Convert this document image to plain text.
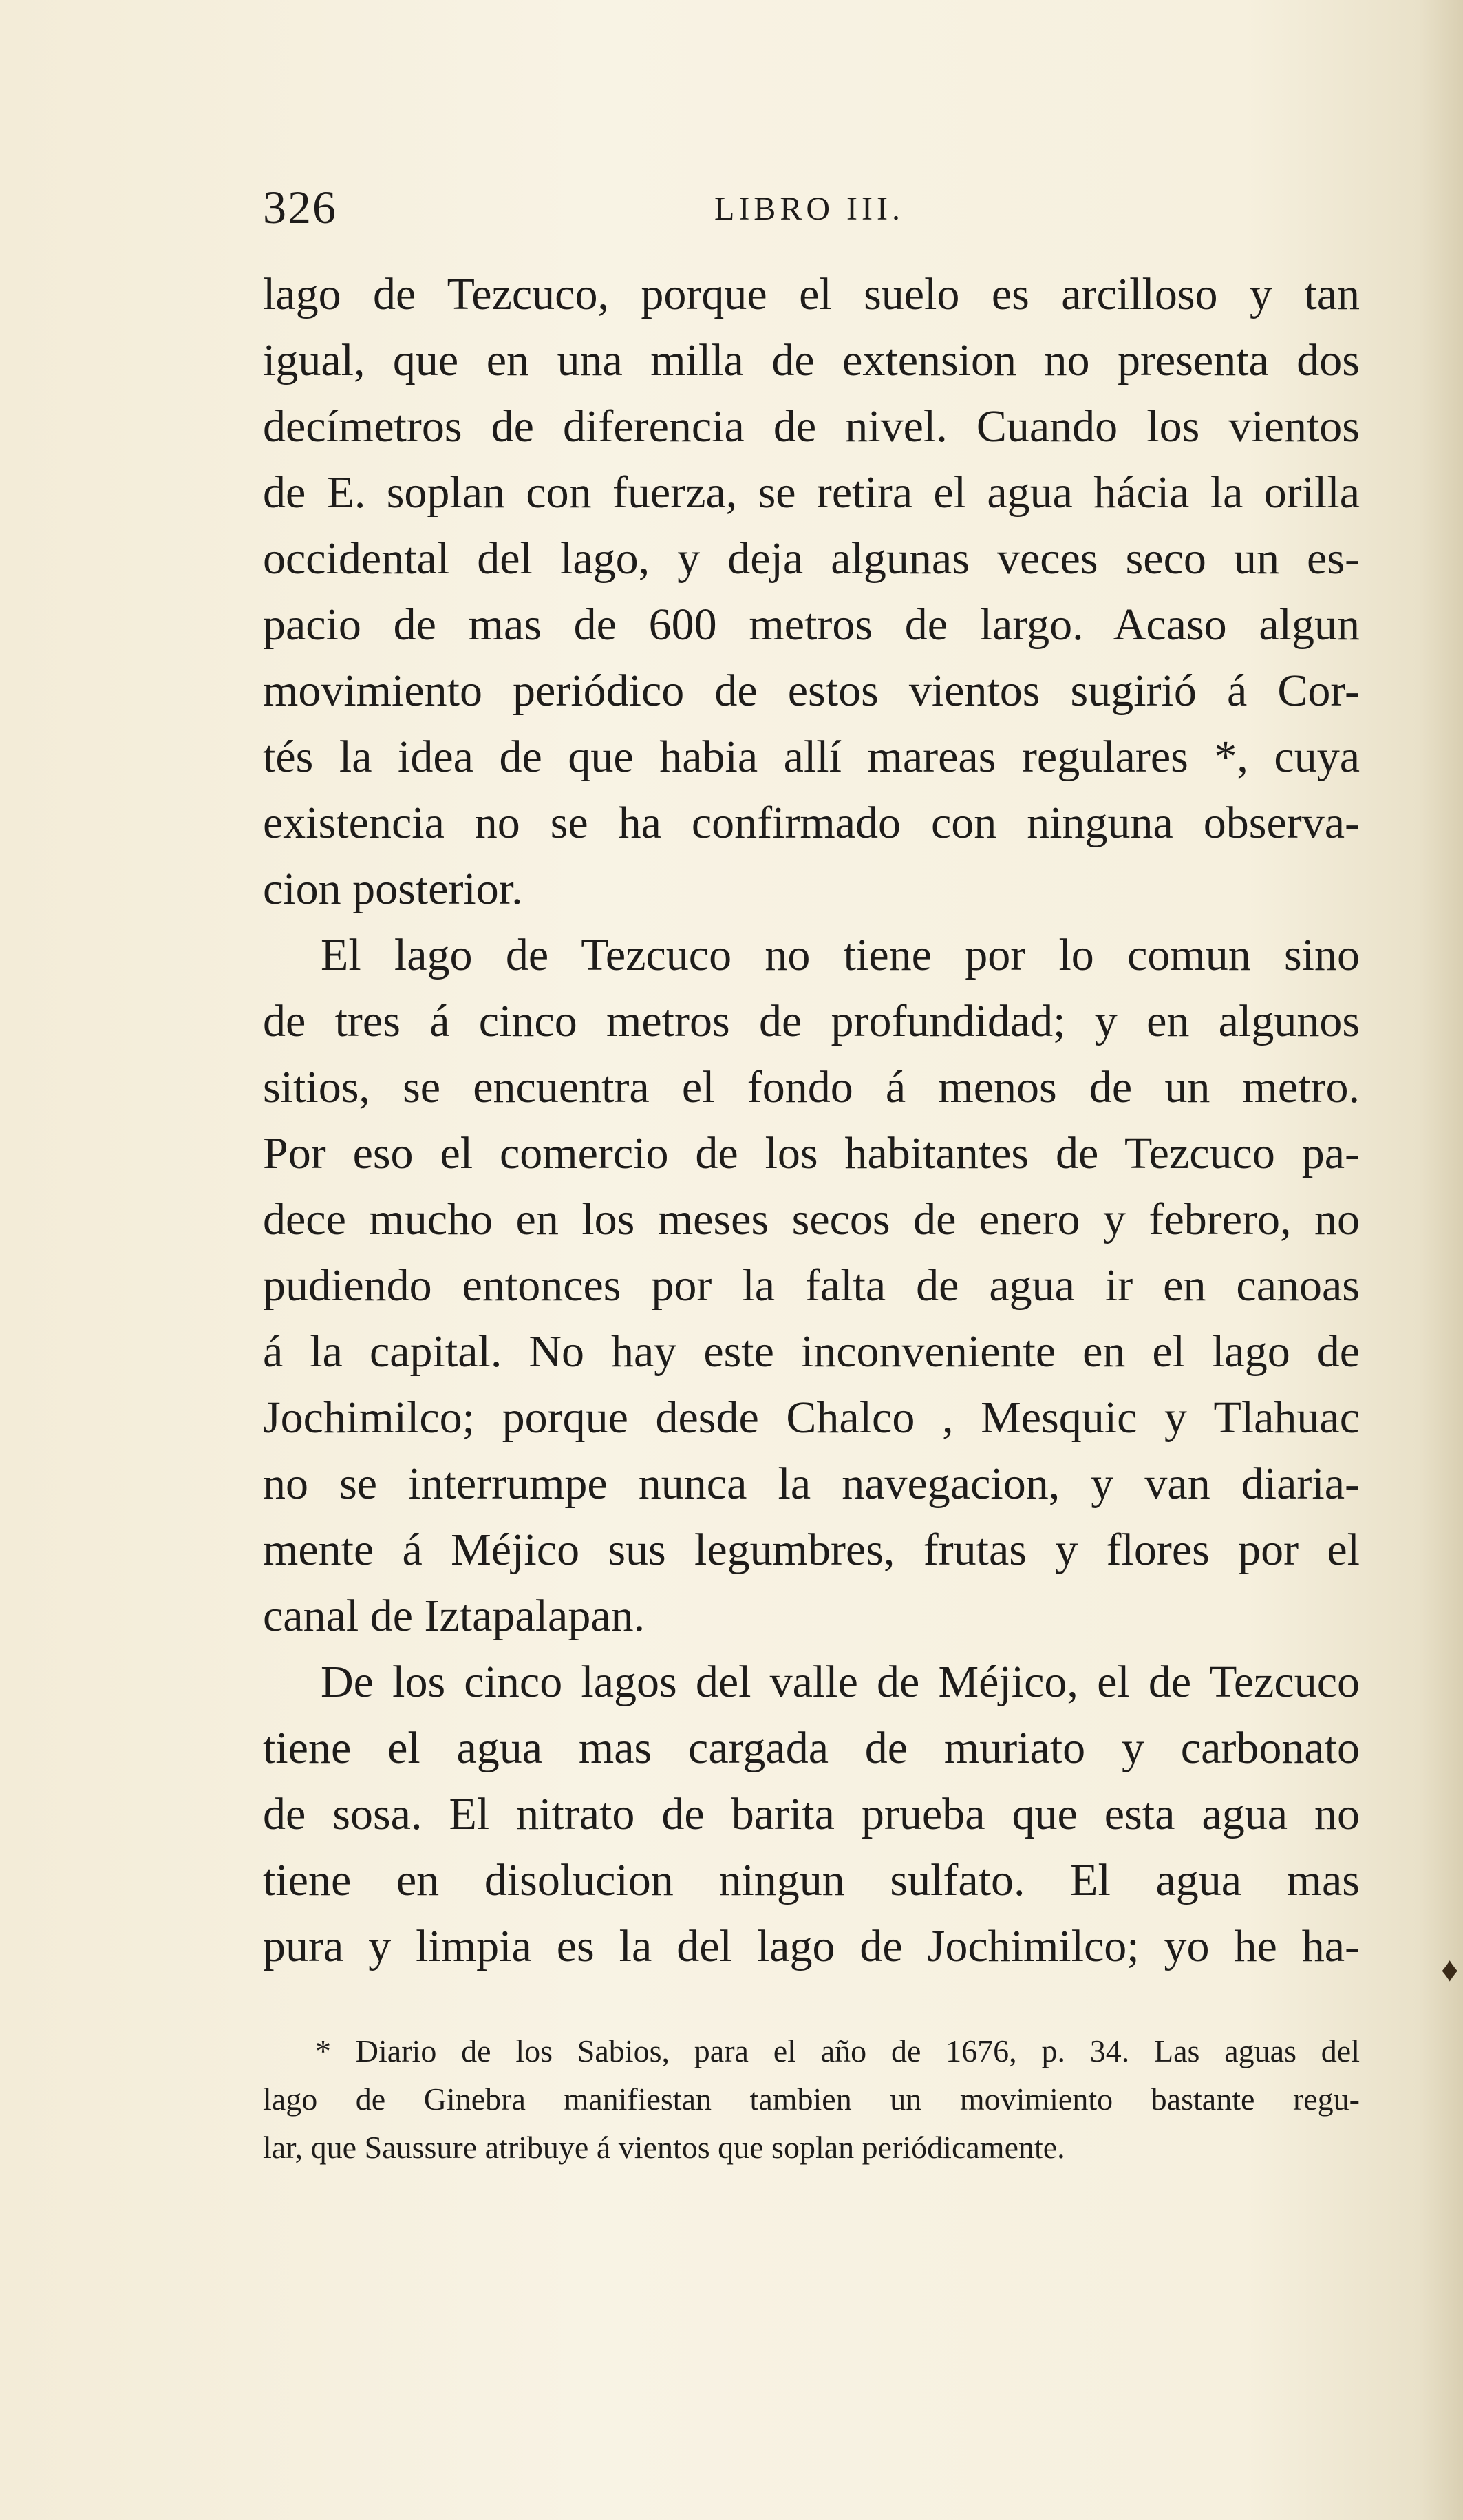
326	LIBRO III.
lago de Tezcuco, porque el suelo es arcilloso y tan
igual, que en una milla de extension no presenta dos
decímetros de diferencia de nivel. Cuando los vientos
de E. soplan con fuerza, se retira el agua hácia la orilla
occidental del lago, y deja algunas veces seco un es-
pacio de mas de 600 metros de largo. Acaso algun
movimiento periódico de estos vientos sugirió á Cor-
tés la idea de que habia allí mareas regulares *, cuya
existencia no se ha confirmado con ninguna observa-
cion posterior.
El lago de Tezcuco no tiene por lo comun sino
de tres á cinco metros de profundidad; y en algunos
sitios, se encuentra el fondo á menos de un metro.
Por eso el comercio de los habitantes de Tezcuco pa-
dece mucho en los meses secos de enero y febrero, no
pudiendo entonces por la falta de agua ir en canoas
á la capital. No hay este inconveniente en el lago de
Jochimilco; porque desde Chalco , Mesquic y Tlahuac
no se interrumpe nunca la navegacion, y van diaria-
mente á Méjico sus legumbres, frutas y flores por el
canal de Iztapalapan.
De los cinco lagos del valle de Méjico, el de Tezcuco
tiene el agua mas cargada de muriato y carbonato
de sosa. El nitrato de barita prueba que esta agua no
tiene en disolucion ningun sulfato. El agua mas
pura y limpia es la del lago de Jochimilco; yo he ha- ♦
* Diario de los Sabios, para el año de 1676, p. 34. Las aguas del
lago de Ginebra manifiestan tambien un movimiento bastante regu-
lar, que Saussure atribuye á vientos que soplan periódicamente.
